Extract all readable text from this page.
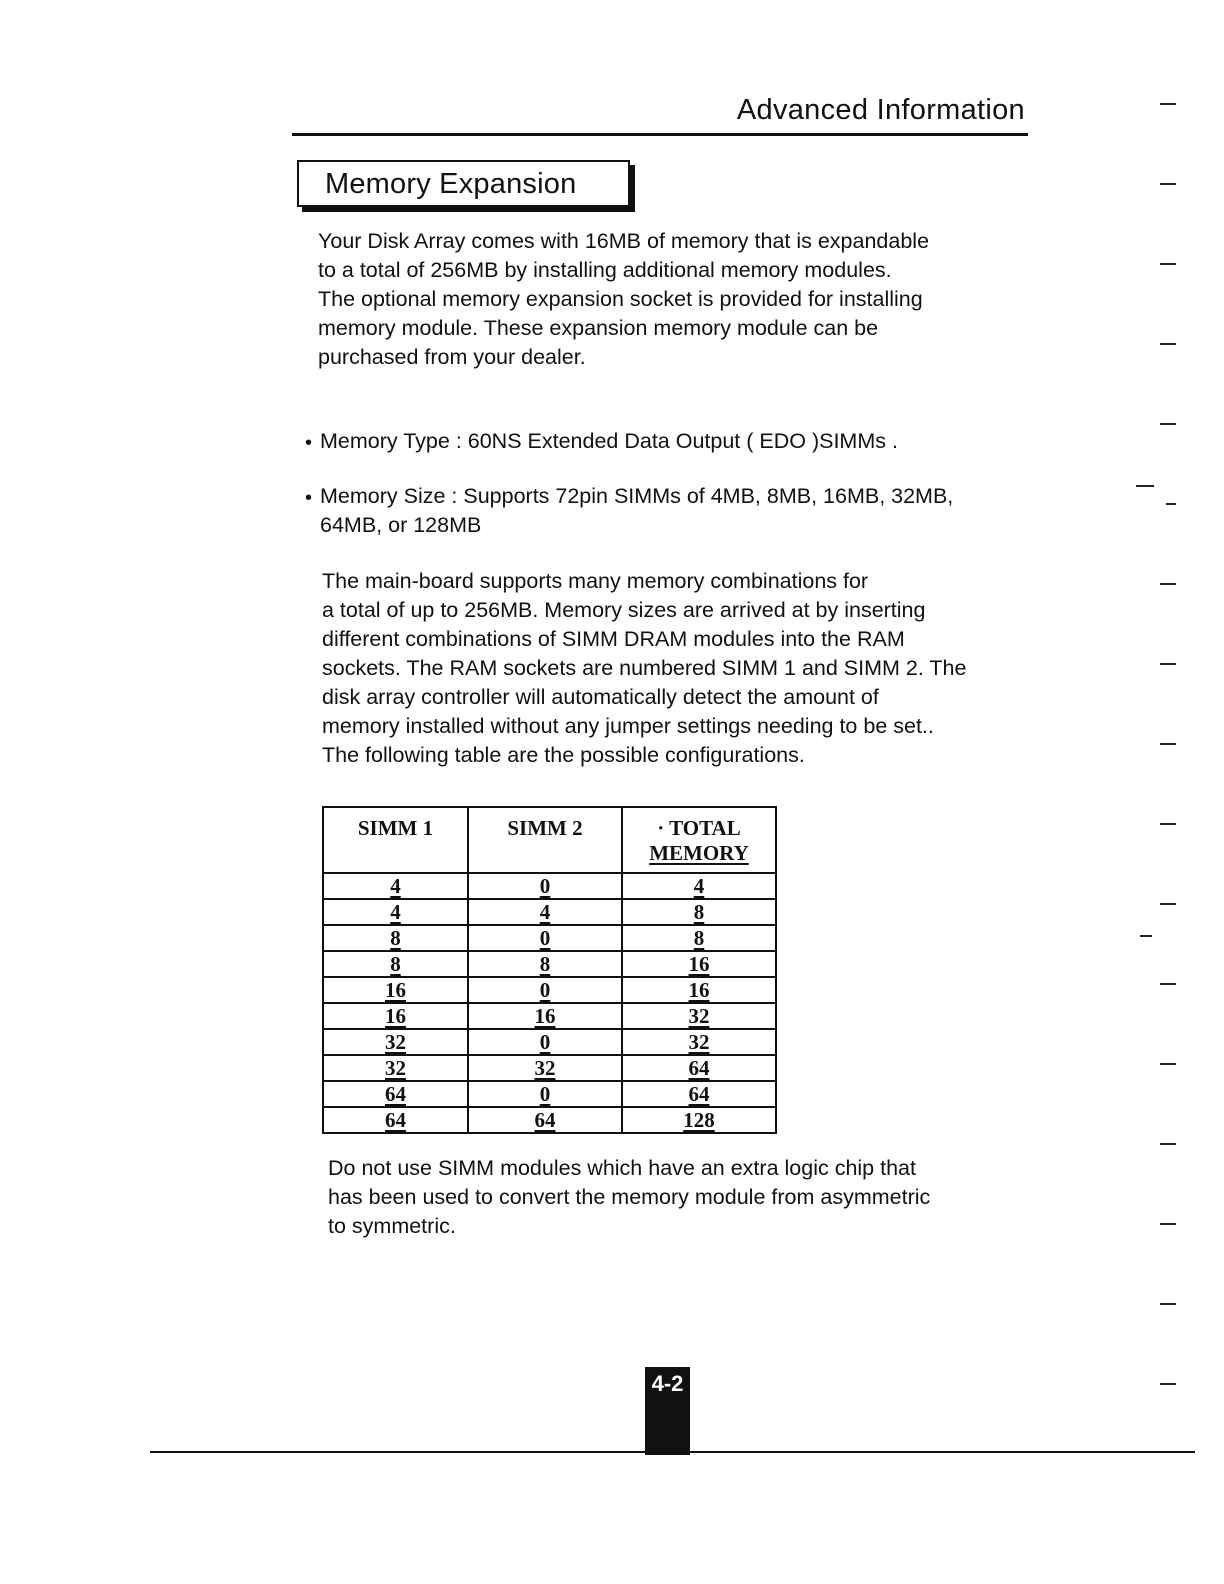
Advanced Information
Memory Expansion

Your Disk Array comes with 16MB of memory that is expandable
to a total of 256MB by installing additional memory modules.
The optional memory expansion socket is provided for installing
memory module. These expansion memory module can be
purchased from your dealer.

• Memory Type : 60NS Extended Data Output ( EDO )SIMMs .

• Memory Size : Supports 72pin SIMMs of 4MB, 8MB, 16MB, 32MB,
64MB, or 128MB

The main-board supports many memory combinations for
a total of up to 256MB. Memory sizes are arrived at by inserting
different combinations of SIMM DRAM modules into the RAM
sockets. The RAM sockets are numbered SIMM 1 and SIMM 2. The
disk array controller will automatically detect the amount of
memory installed without any jumper settings needing to be set..
The following table are the possible configurations.

SIMM 1	SIMM 2	· TOTAL
MEMORY
4	0	4
4	4	8
8	0	8
8	8	16
16	0	16
16	16	32
32	0	32
32	32	64
64	0	64
64	64	128

Do not use SIMM modules which have an extra logic chip that
has been used to convert the memory module from asymmetric
to symmetric.

4-2
